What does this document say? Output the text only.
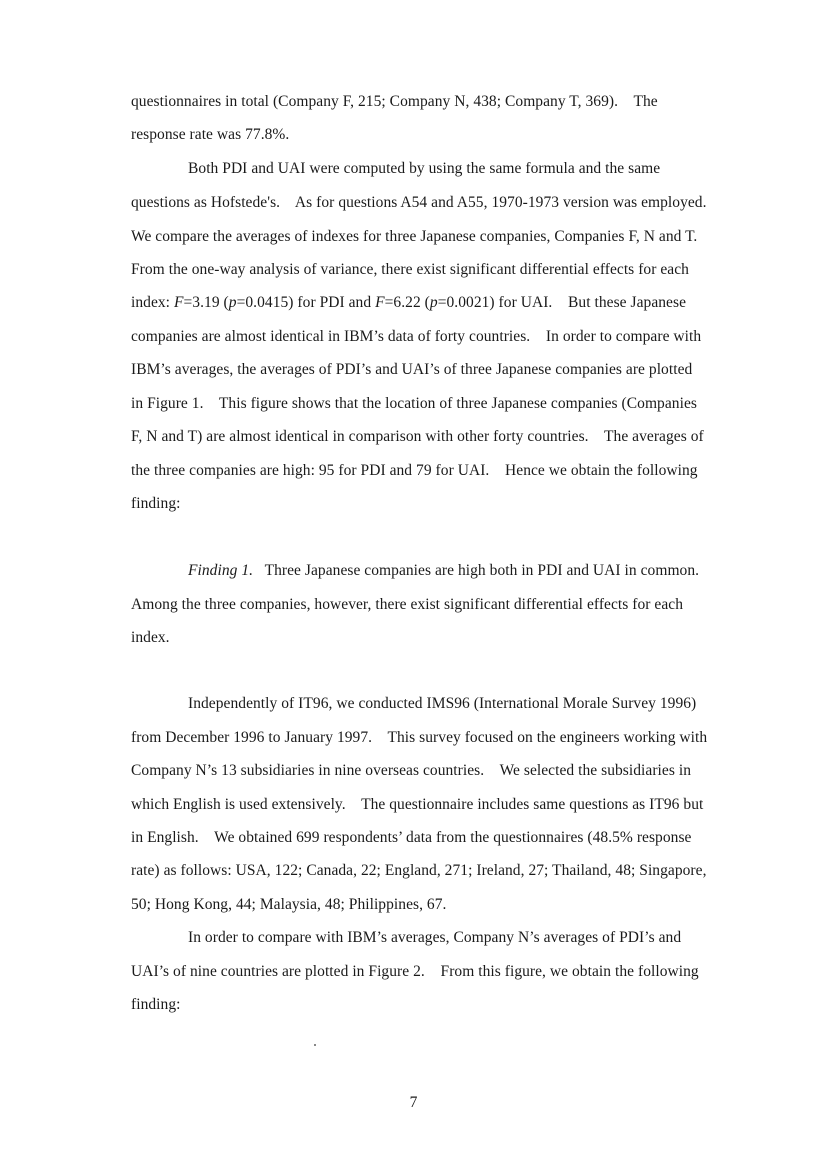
questionnaires in total (Company F, 215; Company N, 438; Company T, 369).    The
response rate was 77.8%.
Both PDI and UAI were computed by using the same formula and the same
questions as Hofstede's.    As for questions A54 and A55, 1970-1973 version was employed.
We compare the averages of indexes for three Japanese companies, Companies F, N and T.
From the one-way analysis of variance, there exist significant differential effects for each
index: F=3.19 (p=0.0415) for PDI and F=6.22 (p=0.0021) for UAI.    But these Japanese
companies are almost identical in IBM’s data of forty countries.    In order to compare with
IBM’s averages, the averages of PDI’s and UAI’s of three Japanese companies are plotted
in Figure 1.    This figure shows that the location of three Japanese companies (Companies
F, N and T) are almost identical in comparison with other forty countries.    The averages of
the three companies are high: 95 for PDI and 79 for UAI.    Hence we obtain the following
finding:
Finding 1.   Three Japanese companies are high both in PDI and UAI in common.
Among the three companies, however, there exist significant differential effects for each
index.
Independently of IT96, we conducted IMS96 (International Morale Survey 1996)
from December 1996 to January 1997.    This survey focused on the engineers working with
Company N’s 13 subsidiaries in nine overseas countries.    We selected the subsidiaries in
which English is used extensively.    The questionnaire includes same questions as IT96 but
in English.    We obtained 699 respondents’ data from the questionnaires (48.5% response
rate) as follows: USA, 122; Canada, 22; England, 271; Ireland, 27; Thailand, 48; Singapore,
50; Hong Kong, 44; Malaysia, 48; Philippines, 67.
In order to compare with IBM’s averages, Company N’s averages of PDI’s and
UAI’s of nine countries are plotted in Figure 2.    From this figure, we obtain the following
finding:
7
